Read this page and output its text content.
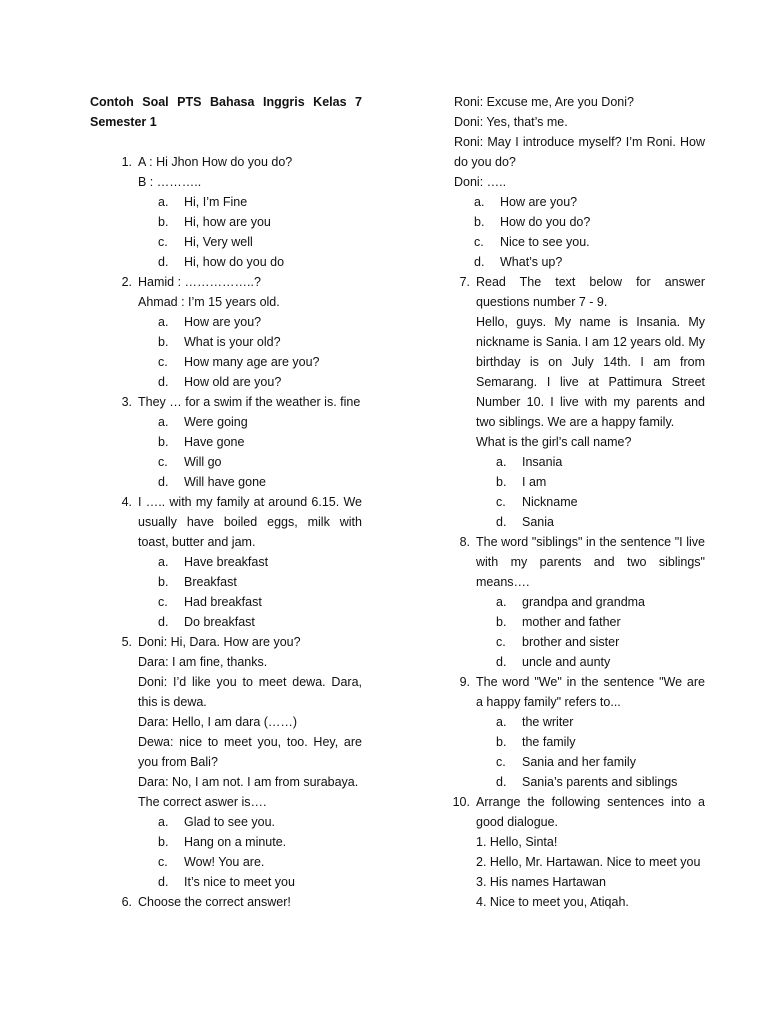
Contoh Soal PTS Bahasa Inggris Kelas 7
Semester 1
1. A : Hi Jhon How do you do?
B : ………..
a.	Hi, I’m Fine
b.	Hi, how are you
c.	Hi, Very well
d.	Hi, how do you do
2. Hamid : ……………..?
Ahmad : I’m 15 years old.
a.	How are you?
b.	What is your old?
c.	How many age are you?
d.	How old are you?
3. They … for a swim if the weather is. fine
a.	Were going
b.	Have gone
c.	Will go
d.	Will have gone
4. I ….. with my family at around 6.15. We usually have boiled eggs, milk with toast, butter and jam.
a.	Have breakfast
b.	Breakfast
c.	Had breakfast
d.	Do breakfast
5. Doni: Hi, Dara. How are you?
Dara: I am fine, thanks.
Doni: I’d like you to meet dewa. Dara, this is dewa.
Dara: Hello, I am dara (……)
Dewa: nice to meet you, too. Hey, are you from Bali?
Dara: No, I am not. I am from surabaya.
The correct aswer is….
a.	Glad to see you.
b.	Hang on a minute.
c.	Wow! You are.
d.	It’s nice to meet you
6. Choose the correct answer!
Roni: Excuse me, Are you Doni?
Doni: Yes, that’s me.
Roni: May I introduce myself? I’m Roni. How do you do?
Doni: …..
a.	How are you?
b.	How do you do?
c.	Nice to see you.
d.	What’s up?
7. Read The text below for answer questions number 7 - 9.
Hello, guys. My name is Insania. My nickname is Sania. I am 12 years old. My birthday is on July 14th. I am from Semarang. I live at Pattimura Street Number 10. I live with my parents and two siblings. We are a happy family.
What is the girl’s call name?
a.	Insania
b.	I am
c.	Nickname
d.	Sania
8. The word "siblings" in the sentence "I live with my parents and two siblings" means….
a.	grandpa and grandma
b.	mother and father
c.	brother and sister
d.	uncle and aunty
9. The word "We" in the sentence "We are a happy family" refers to...
a.	the writer
b.	the family
c.	Sania and her family
d.	Sania’s parents and siblings
10. Arrange the following sentences into a good dialogue.
1. Hello, Sinta!
2. Hello, Mr. Hartawan. Nice to meet you
3. His names Hartawan
4. Nice to meet you, Atiqah.
